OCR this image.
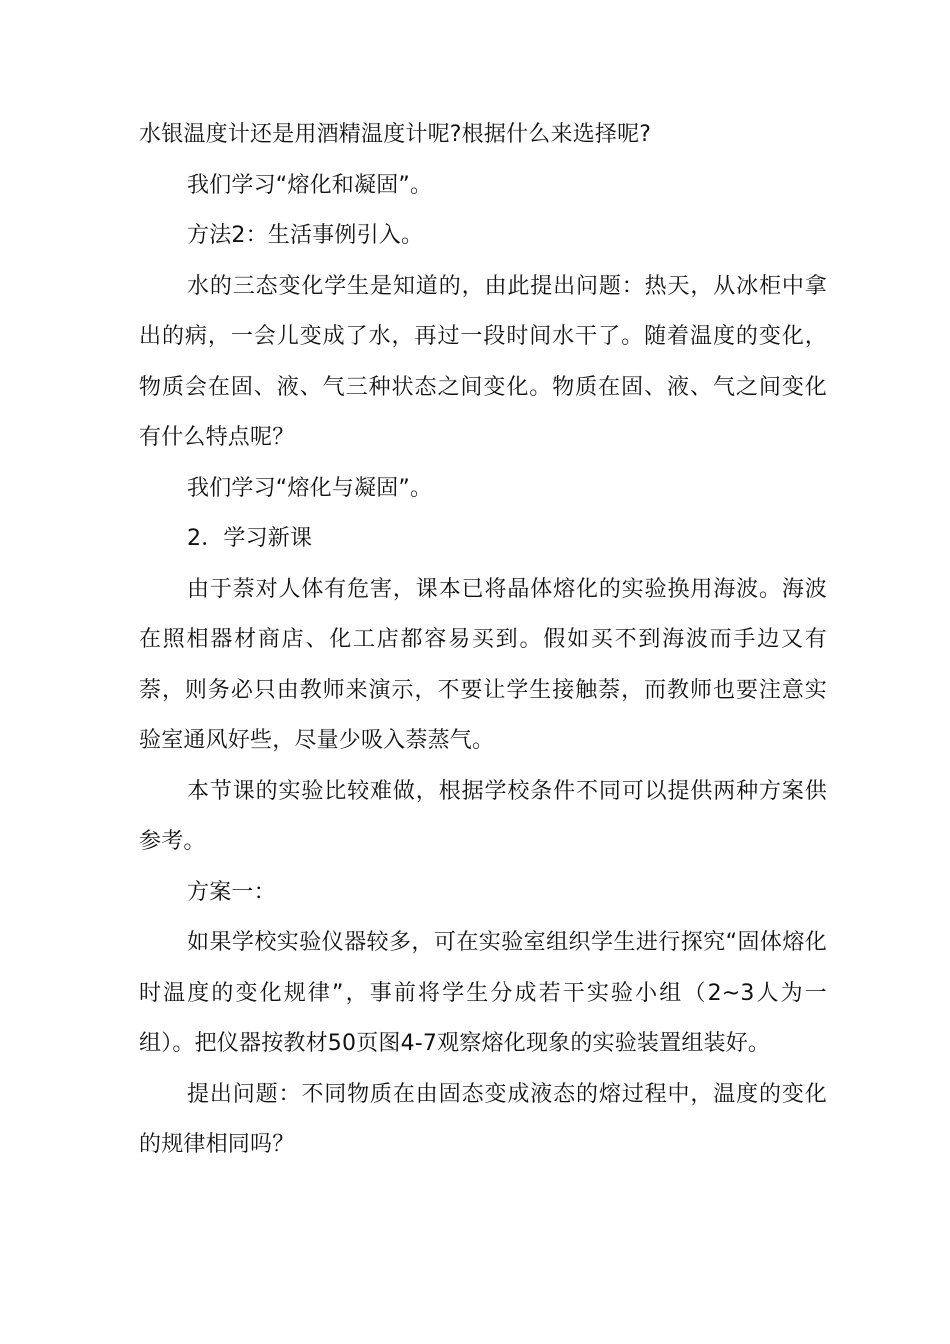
水银温度计还是用酒精温度计呢?根据什么来选择呢?

我们学习“熔化和凝固”。

方法2：生活事例引入。

水的三态变化学生是知道的，由此提出问题：热天，从冰柜中拿出的病，一会儿变成了水，再过一段时间水干了。随着温度的变化，物质会在固、液、气三种状态之间变化。物质在固、液、气之间变化有什么特点呢？

我们学习“熔化与凝固”。

2．学习新课

由于萘对人体有危害，课本已将晶体熔化的实验换用海波。海波在照相器材商店、化工店都容易买到。假如买不到海波而手边又有萘，则务必只由教师来演示，不要让学生接触萘，而教师也要注意实验室通风好些，尽量少吸入萘蒸气。

本节课的实验比较难做，根据学校条件不同可以提供两种方案供参考。

方案一：

如果学校实验仪器较多，可在实验室组织学生进行探究“固体熔化时温度的变化规律”，事前将学生分成若干实验小组（2~3人为一组）。把仪器按教材50页图4-7观察熔化现象的实验装置组装好。

提出问题：不同物质在由固态变成液态的熔过程中，温度的变化的规律相同吗？
